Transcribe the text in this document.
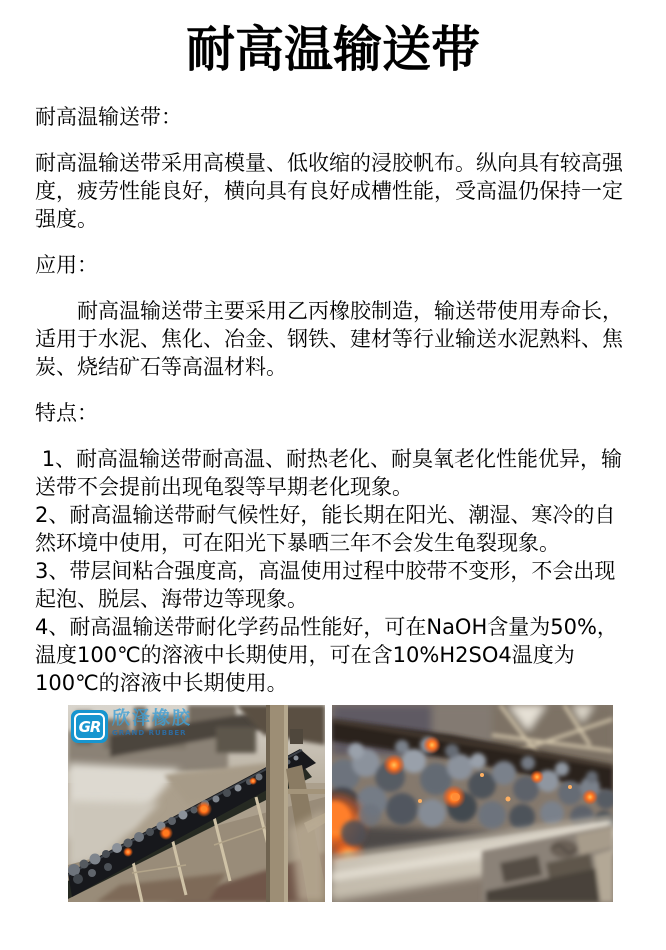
耐高温输送带

耐高温输送带：

耐高温输送带采用高模量、低收缩的浸胶帆布。纵向具有较高强度，疲劳性能良好，横向具有良好成槽性能，受高温仍保持一定强度。

应用：

耐高温输送带主要采用乙丙橡胶制造，输送带使用寿命长，适用于水泥、焦化、冶金、钢铁、建材等行业输送水泥熟料、焦炭、烧结矿石等高温材料。

特点：

1、耐高温输送带耐高温、耐热老化、耐臭氧老化性能优异，输送带不会提前出现龟裂等早期老化现象。

2、耐高温输送带耐气候性好，能长期在阳光、潮湿、寒冷的自然环境中使用，可在阳光下暴晒三年不会发生龟裂现象。

3、带层间粘合强度高，高温使用过程中胶带不变形，不会出现起泡、脱层、海带边等现象。

4、耐高温输送带耐化学药品性能好，可在NaOH含量为50%，温度100℃的溶液中长期使用，可在含10%H2SO4温度为100℃的溶液中长期使用。

GR 欣泽橡胶
GRAND RUBBER
